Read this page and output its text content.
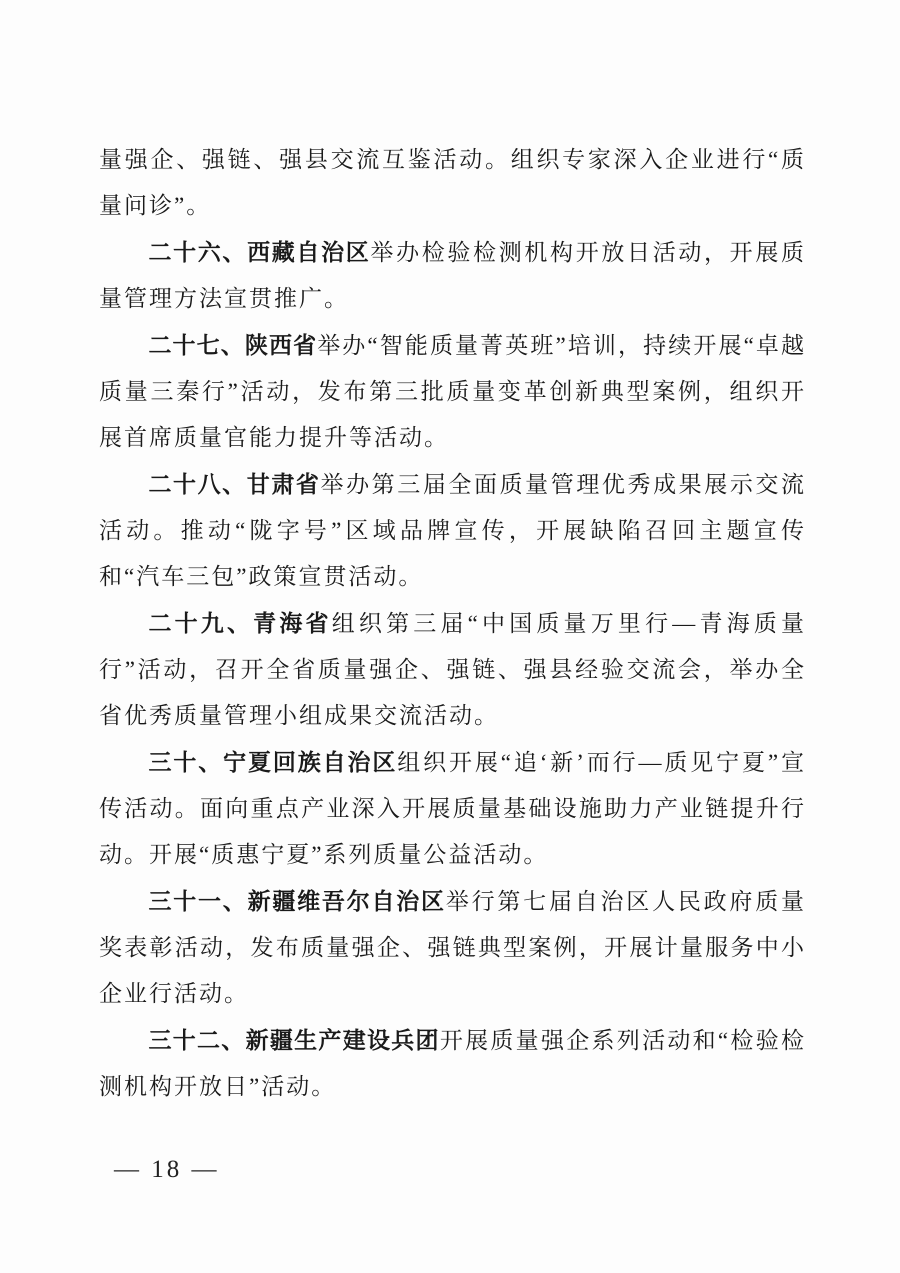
量强企、强链、强县交流互鉴活动。组织专家深入企业进行“质量问诊”。

二十六、西藏自治区举办检验检测机构开放日活动，开展质量管理方法宣贯推广。

二十七、陕西省举办“智能质量菁英班”培训，持续开展“卓越质量三秦行”活动，发布第三批质量变革创新典型案例，组织开展首席质量官能力提升等活动。

二十八、甘肃省举办第三届全面质量管理优秀成果展示交流活动。推动“陇字号”区域品牌宣传，开展缺陷召回主题宣传和“汽车三包”政策宣贯活动。

二十九、青海省组织第三届“中国质量万里行—青海质量行”活动，召开全省质量强企、强链、强县经验交流会，举办全省优秀质量管理小组成果交流活动。

三十、宁夏回族自治区组织开展“追‘新’而行—质见宁夏”宣传活动。面向重点产业深入开展质量基础设施助力产业链提升行动。开展“质惠宁夏”系列质量公益活动。

三十一、新疆维吾尔自治区举行第七届自治区人民政府质量奖表彰活动，发布质量强企、强链典型案例，开展计量服务中小企业行活动。

三十二、新疆生产建设兵团开展质量强企系列活动和“检验检测机构开放日”活动。

— 18 —
